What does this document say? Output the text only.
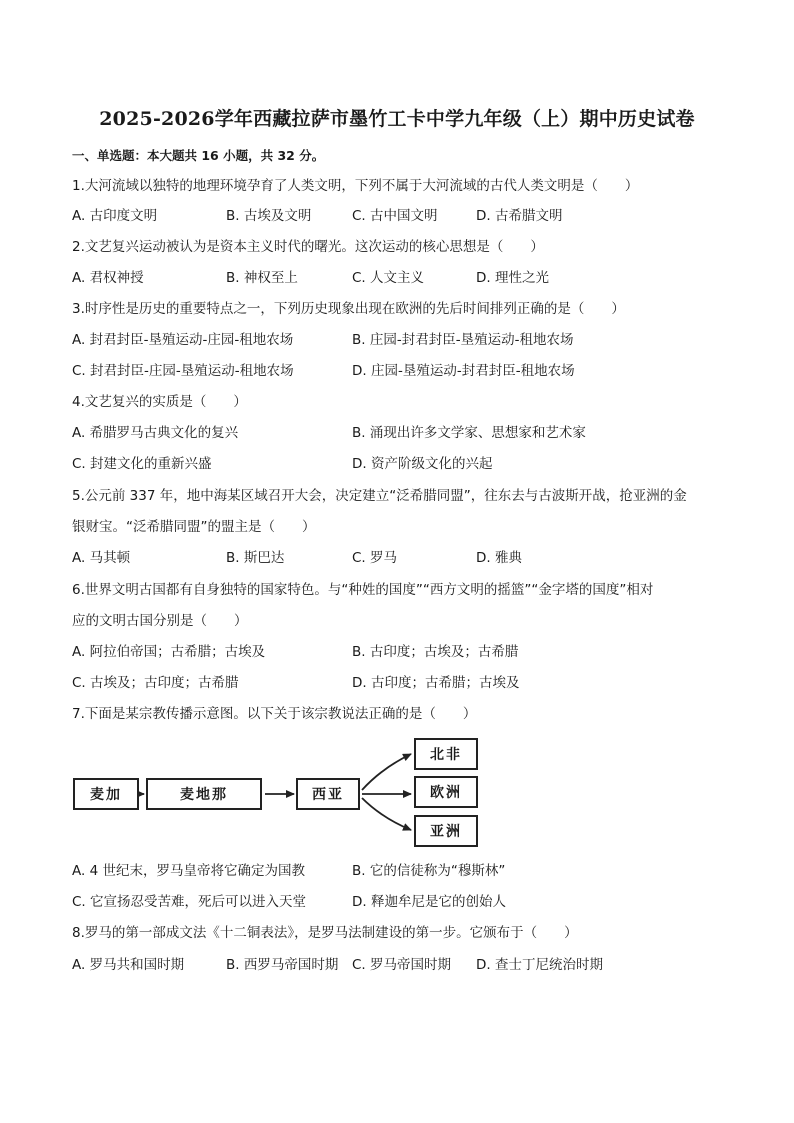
2025-2026学年西藏拉萨市墨竹工卡中学九年级（上）期中历史试卷

一、单选题：本大题共 16 小题，共 32 分。

1.大河流域以独特的地理环境孕育了人类文明，下列不属于大河流域的古代人类文明是（　　）

A. 古印度文明	B. 古埃及文明	C. 古中国文明	D. 古希腊文明

2.文艺复兴运动被认为是资本主义时代的曙光。这次运动的核心思想是（　　）

A. 君权神授	B. 神权至上	C. 人文主义	D. 理性之光

3.时序性是历史的重要特点之一，下列历史现象出现在欧洲的先后时间排列正确的是（　　）

A. 封君封臣-垦殖运动-庄园-租地农场	B. 庄园-封君封臣-垦殖运动-租地农场
C. 封君封臣-庄园-垦殖运动-租地农场	D. 庄园-垦殖运动-封君封臣-租地农场

4.文艺复兴的实质是（　　）

A. 希腊罗马古典文化的复兴	B. 涌现出许多文学家、思想家和艺术家
C. 封建文化的重新兴盛	D. 资产阶级文化的兴起

5.公元前 337 年，地中海某区域召开大会，决定建立“泛希腊同盟”，往东去与古波斯开战，抢亚洲的金

银财宝。“泛希腊同盟”的盟主是（　　）

A. 马其顿	B. 斯巴达	C. 罗马	D. 雅典

6.世界文明古国都有自身独特的国家特色。与“种姓的国度”“西方文明的摇篮”“金字塔的国度”相对

应的文明古国分别是（　　）

A. 阿拉伯帝国；古希腊；古埃及	B. 古印度；古埃及；古希腊
C. 古埃及；古印度；古希腊	D. 古印度；古希腊；古埃及

7.下面是某宗教传播示意图。以下关于该宗教说法正确的是（　　）

麦加	麦地那	西亚
北非
欧洲
亚洲
A. 4 世纪末，罗马皇帝将它确定为国教	B. 它的信徒称为“穆斯林”
C. 它宣扬忍受苦难，死后可以进入天堂	D. 释迦牟尼是它的创始人

8.罗马的第一部成文法《十二铜表法》，是罗马法制建设的第一步。它颁布于（　　）

A. 罗马共和国时期	B. 西罗马帝国时期 C. 罗马帝国时期 D. 查士丁尼统治时期
